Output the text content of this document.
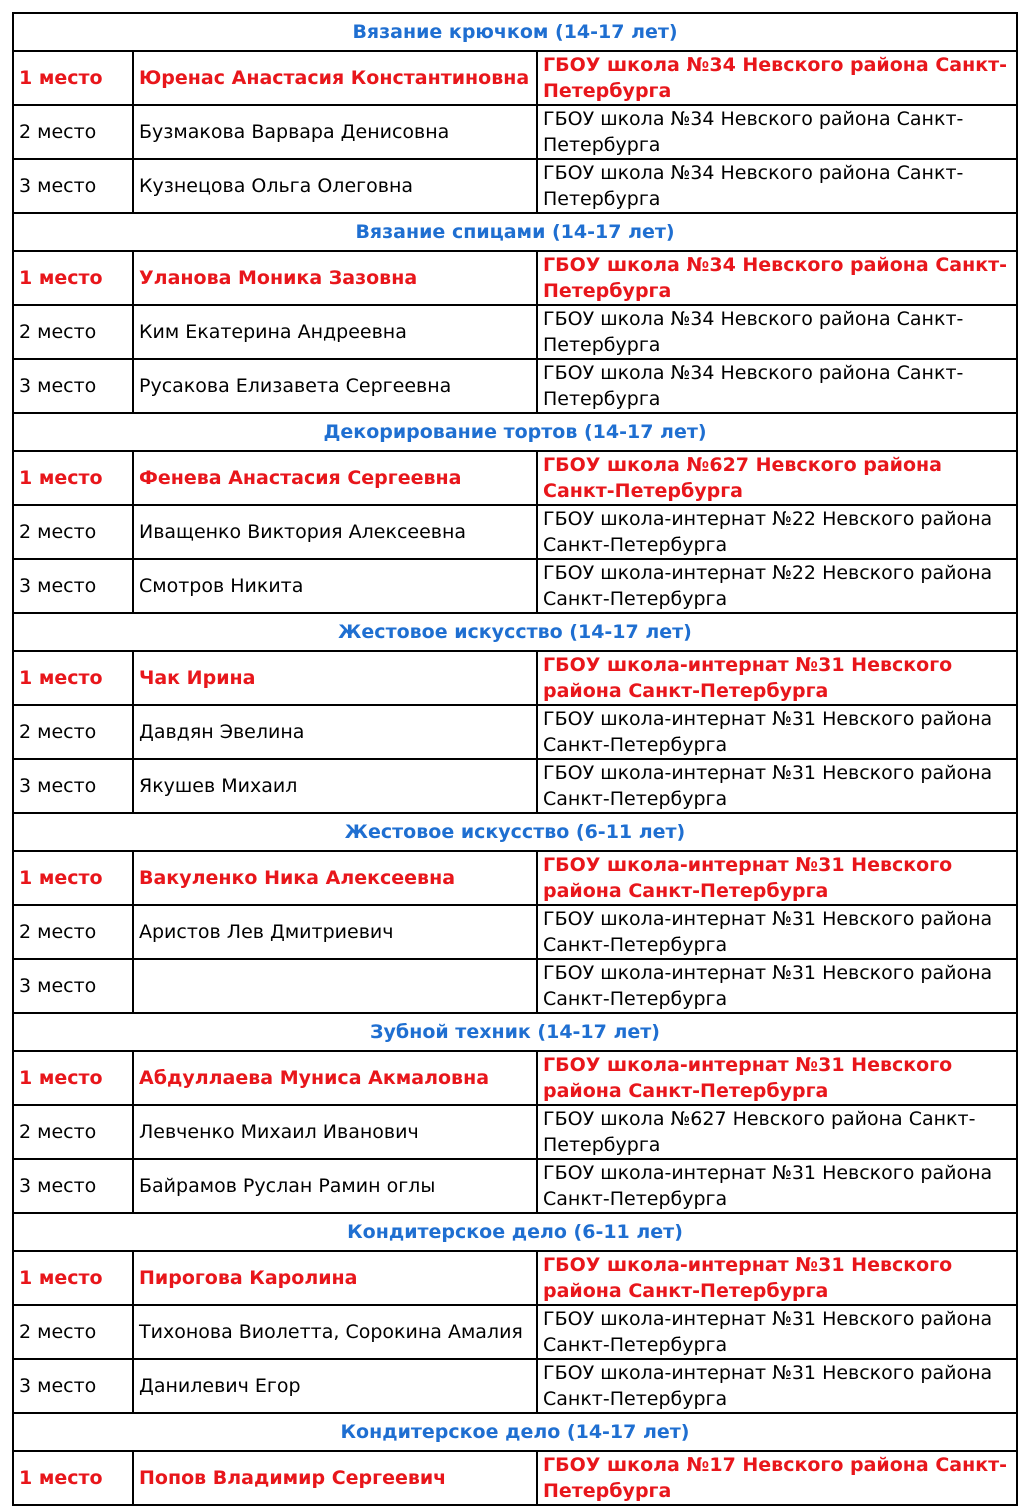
Вязание крючком (14-17 лет)		
1 место	Юренас Анастасия Константиновна	ГБОУ школа №34 Невского района Санкт-Петербурга
2 место	Бузмакова Варвара Денисовна	ГБОУ школа №34 Невского района Санкт-Петербурга
3 место	Кузнецова Ольга Олеговна	ГБОУ школа №34 Невского района Санкт-Петербурга
Вязание спицами (14-17 лет)		
1 место	Уланова Моника Зазовна	ГБОУ школа №34 Невского района Санкт-Петербурга
2 место	Ким Екатерина Андреевна	ГБОУ школа №34 Невского района Санкт-Петербурга
3 место	Русакова Елизавета Сергеевна	ГБОУ школа №34 Невского района Санкт-Петербурга
Декорирование тортов (14-17 лет)		
1 место	Фенева Анастасия Сергеевна	ГБОУ школа №627 Невского района Санкт-Петербурга
2 место	Иващенко Виктория Алексеевна	ГБОУ школа-интернат №22 Невского района Санкт-Петербурга
3 место	Смотров Никита	ГБОУ школа-интернат №22 Невского района Санкт-Петербурга
Жестовое искусство (14-17 лет)		
1 место	Чак Ирина	ГБОУ школа-интернат №31 Невского района Санкт-Петербурга
2 место	Давдян Эвелина	ГБОУ школа-интернат №31 Невского района Санкт-Петербурга
3 место	Якушев Михаил	ГБОУ школа-интернат №31 Невского района Санкт-Петербурга
Жестовое искусство (6-11 лет)		
1 место	Вакуленко Ника Алексеевна	ГБОУ школа-интернат №31 Невского района Санкт-Петербурга
2 место	Аристов Лев Дмитриевич	ГБОУ школа-интернат №31 Невского района Санкт-Петербурга
3 место		ГБОУ школа-интернат №31 Невского района Санкт-Петербурга
Зубной техник (14-17 лет)		
1 место	Абдуллаева Муниса Акмаловна	ГБОУ школа-интернат №31 Невского района Санкт-Петербурга
2 место	Левченко Михаил Иванович	ГБОУ школа №627 Невского района Санкт-Петербурга
3 место	Байрамов Руслан Рамин оглы	ГБОУ школа-интернат №31 Невского района Санкт-Петербурга
Кондитерское дело (6-11 лет)		
1 место	Пирогова Каролина	ГБОУ школа-интернат №31 Невского района Санкт-Петербурга
2 место	Тихонова Виолетта, Сорокина Амалия	ГБОУ школа-интернат №31 Невского района Санкт-Петербурга
3 место	Данилевич Егор	ГБОУ школа-интернат №31 Невского района Санкт-Петербурга
Кондитерское дело (14-17 лет)		
1 место	Попов Владимир Сергеевич	ГБОУ школа №17 Невского района Санкт-Петербурга
